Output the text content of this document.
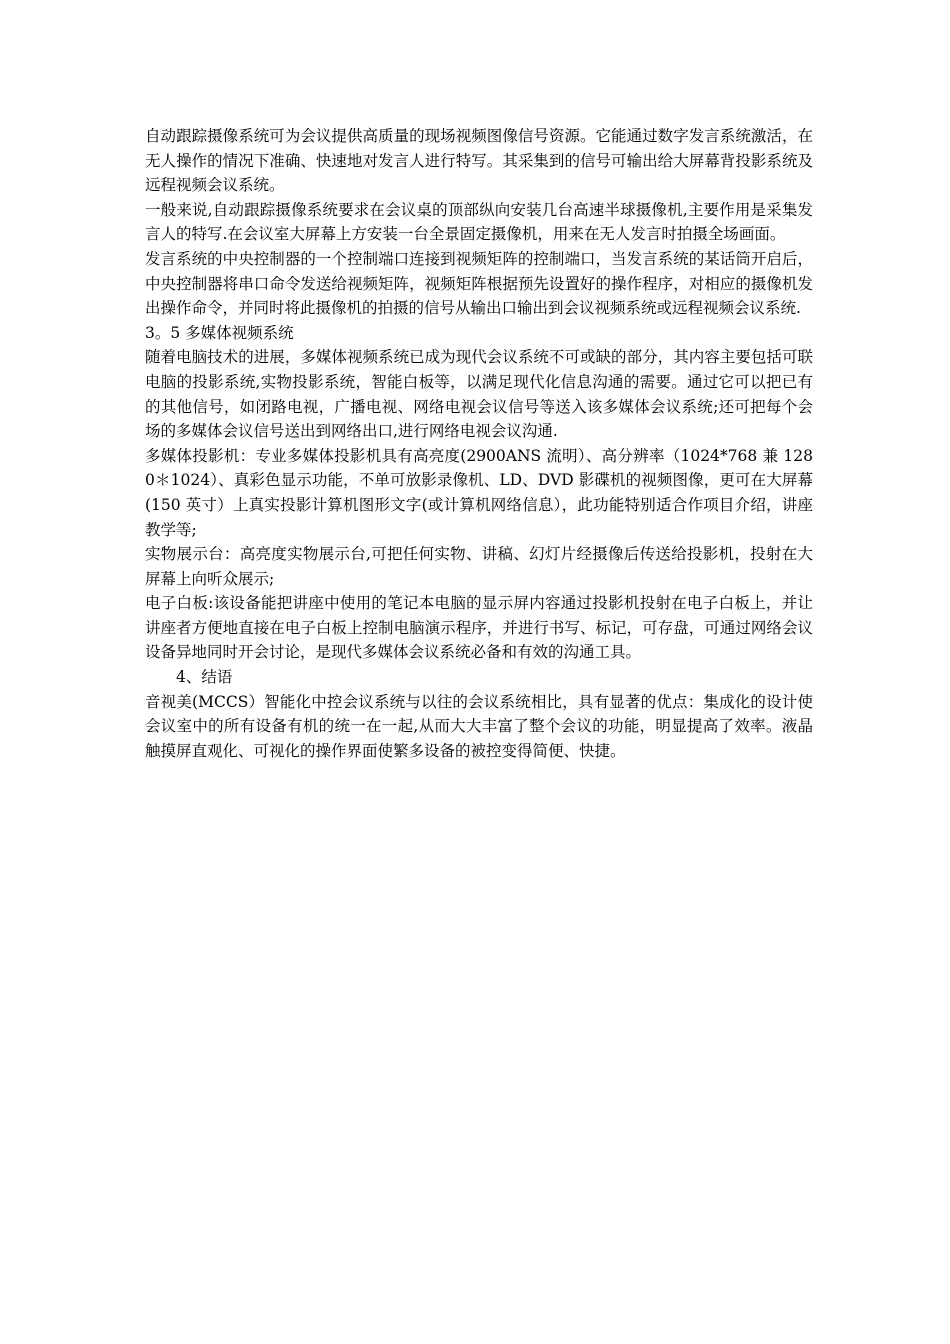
自动跟踪摄像系统可为会议提供高质量的现场视频图像信号资源。它能通过数字发言系统激活，在无人操作的情况下准确、快速地对发言人进行特写。其采集到的信号可输出给大屏幕背投影系统及远程视频会议系统。

一般来说,自动跟踪摄像系统要求在会议桌的顶部纵向安装几台高速半球摄像机,主要作用是采集发言人的特写.在会议室大屏幕上方安装一台全景固定摄像机，用来在无人发言时拍摄全场画面。

发言系统的中央控制器的一个控制端口连接到视频矩阵的控制端口，当发言系统的某话筒开启后，中央控制器将串口命令发送给视频矩阵，视频矩阵根据预先设置好的操作程序，对相应的摄像机发出操作命令，并同时将此摄像机的拍摄的信号从输出口输出到会议视频系统或远程视频会议系统.

3。5 多媒体视频系统

随着电脑技术的进展，多媒体视频系统已成为现代会议系统不可或缺的部分，其内容主要包括可联电脑的投影系统,实物投影系统，智能白板等，以满足现代化信息沟通的需要。通过它可以把已有的其他信号，如闭路电视，广播电视、网络电视会议信号等送入该多媒体会议系统;还可把每个会场的多媒体会议信号送出到网络出口,进行网络电视会议沟通.

多媒体投影机：专业多媒体投影机具有高亮度(2900ANS 流明）、高分辨率（1024*768 兼 1280＊1024）、真彩色显示功能，不单可放影录像机、LD、DVD 影碟机的视频图像，更可在大屏幕(150 英寸）上真实投影计算机图形文字(或计算机网络信息），此功能特别适合作项目介绍，讲座教学等;

实物展示台：高亮度实物展示台,可把任何实物、讲稿、幻灯片经摄像后传送给投影机，投射在大屏幕上向听众展示;

电子白板:该设备能把讲座中使用的笔记本电脑的显示屏内容通过投影机投射在电子白板上，并让讲座者方便地直接在电子白板上控制电脑演示程序，并进行书写、标记，可存盘，可通过网络会议设备异地同时开会讨论，是现代多媒体会议系统必备和有效的沟通工具。

4、结语

音视美(MCCS）智能化中控会议系统与以往的会议系统相比，具有显著的优点：集成化的设计使会议室中的所有设备有机的统一在一起,从而大大丰富了整个会议的功能，明显提高了效率。液晶触摸屏直观化、可视化的操作界面使繁多设备的被控变得简便、快捷。
